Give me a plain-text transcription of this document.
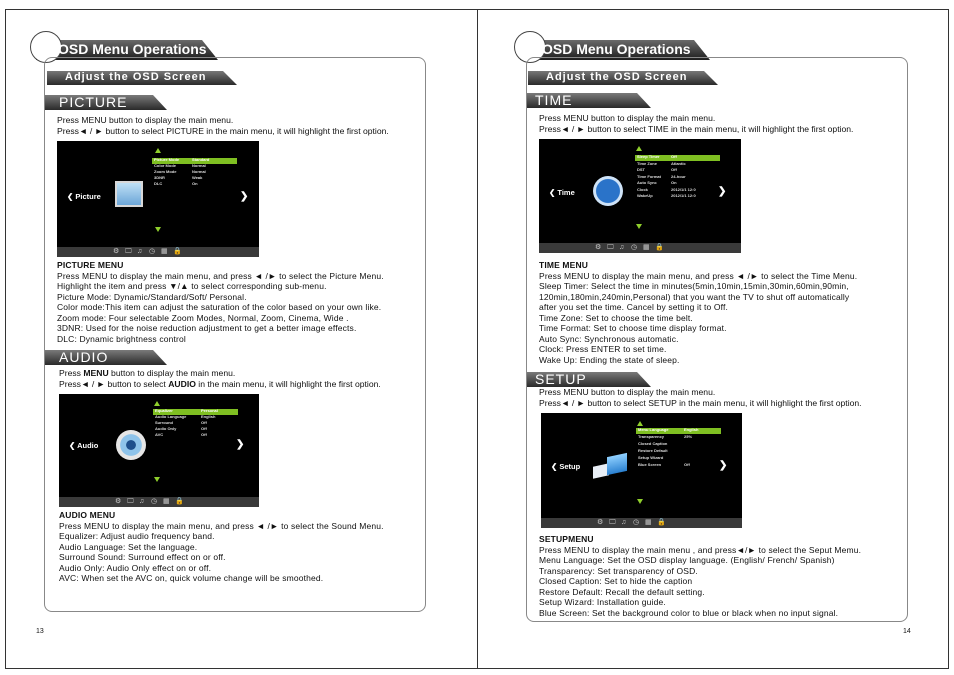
OSD Menu Operations
Adjust the OSD Screen
PICTURE
Press MENU button to display the main menu.
Press◄ / ► button to select PICTURE in the main menu, it will highlight the first option.
❮ Picture	❯
Picture Mode	Standard
Color Mode	Normal
Zoom Mode	Normal
3DNR	Weak
DLC	On
⚙ 🖵 ♫ ◷ ▦ 🔒
PICTURE MENU
Press MENU to display the main menu, and press ◄ /► to select the Picture Menu.
Highlight the item and press ▼/▲ to select corresponding sub-menu.
Picture Mode: Dynamic/Standard/Soft/ Personal.
Color mode:This item can adjust the saturation of the color based on your own like.
Zoom mode: Four selectable Zoom Modes, Normal, Zoom, Cinema, Wide .
3DNR: Used for the noise reduction adjustment to get a better image effects.
DLC: Dynamic brightness control
AUDIO
Press MENU button to display the main menu.
Press◄ / ► button to select AUDIO in the main menu, it will highlight the first option.
❮ Audio	❯
Equalizer	Personal
Audio Language	English
Surround	Off
Audio Only	Off
AVC	Off
⚙ 🖵 ♫ ◷ ▦ 🔒
AUDIO MENU
Press MENU to display the main menu, and press ◄ /► to select the Sound Menu.
Equalizer: Adjust audio frequency band.
Audio Language: Set the language.
Surround Sound: Surround effect on or off.
Audio Only: Audio Only effect on or off.
AVC: When set the AVC on, quick volume change will be smoothed.
13
OSD Menu Operations
Adjust the OSD Screen
TIME
Press MENU button to display the main menu.
Press◄ / ► button to select TIME in the main menu, it will highlight the first option.
❮ Time	❯
Sleep Timer	Off
Time Zone	Atlantic
DST	Off
Time Format	24-hour
Auto Sync	On
Clock	2012/1/1 12:0
WakeUp	2012/1/1 12:0
⚙ 🖵 ♫ ◷ ▦ 🔒
TIME MENU
Press MENU to display the main menu, and press ◄ /► to select the Time Menu.
Sleep Timer: Select the time in minutes(5min,10min,15min,30min,60min,90min,
120min,180min,240min,Personal) that you want the TV to shut off automatically
after you set the time. Cancel by setting it to Off.
Time Zone: Set to choose the time belt.
Time Format: Set to choose time display format.
Auto Sync: Synchronous automatic.
Clock: Press ENTER to set time.
Wake Up: Ending the state of sleep.
SETUP
Press MENU button to display the main menu.
Press◄ / ► button to select SETUP in the main menu, it will highlight the first option.
❮ Setup	❯
Menu Language	English
Transparency	25%
Closed Caption
Restore Default
Setup Wizard
Blue Screen	Off
⚙ 🖵 ♫ ◷ ▦ 🔒
SETUPMENU
Press MENU to display the main menu , and press◄/► to select the Seput Memu.
Menu Language: Set the OSD display language. (English/ French/ Spanish)
Transparency: Set transparency of OSD.
Closed Caption: Set to hide the caption
Restore Default: Recall the default setting.
Setup Wizard: Installation guide.
Blue Screen: Set the background color to blue or black when no input signal.
14
